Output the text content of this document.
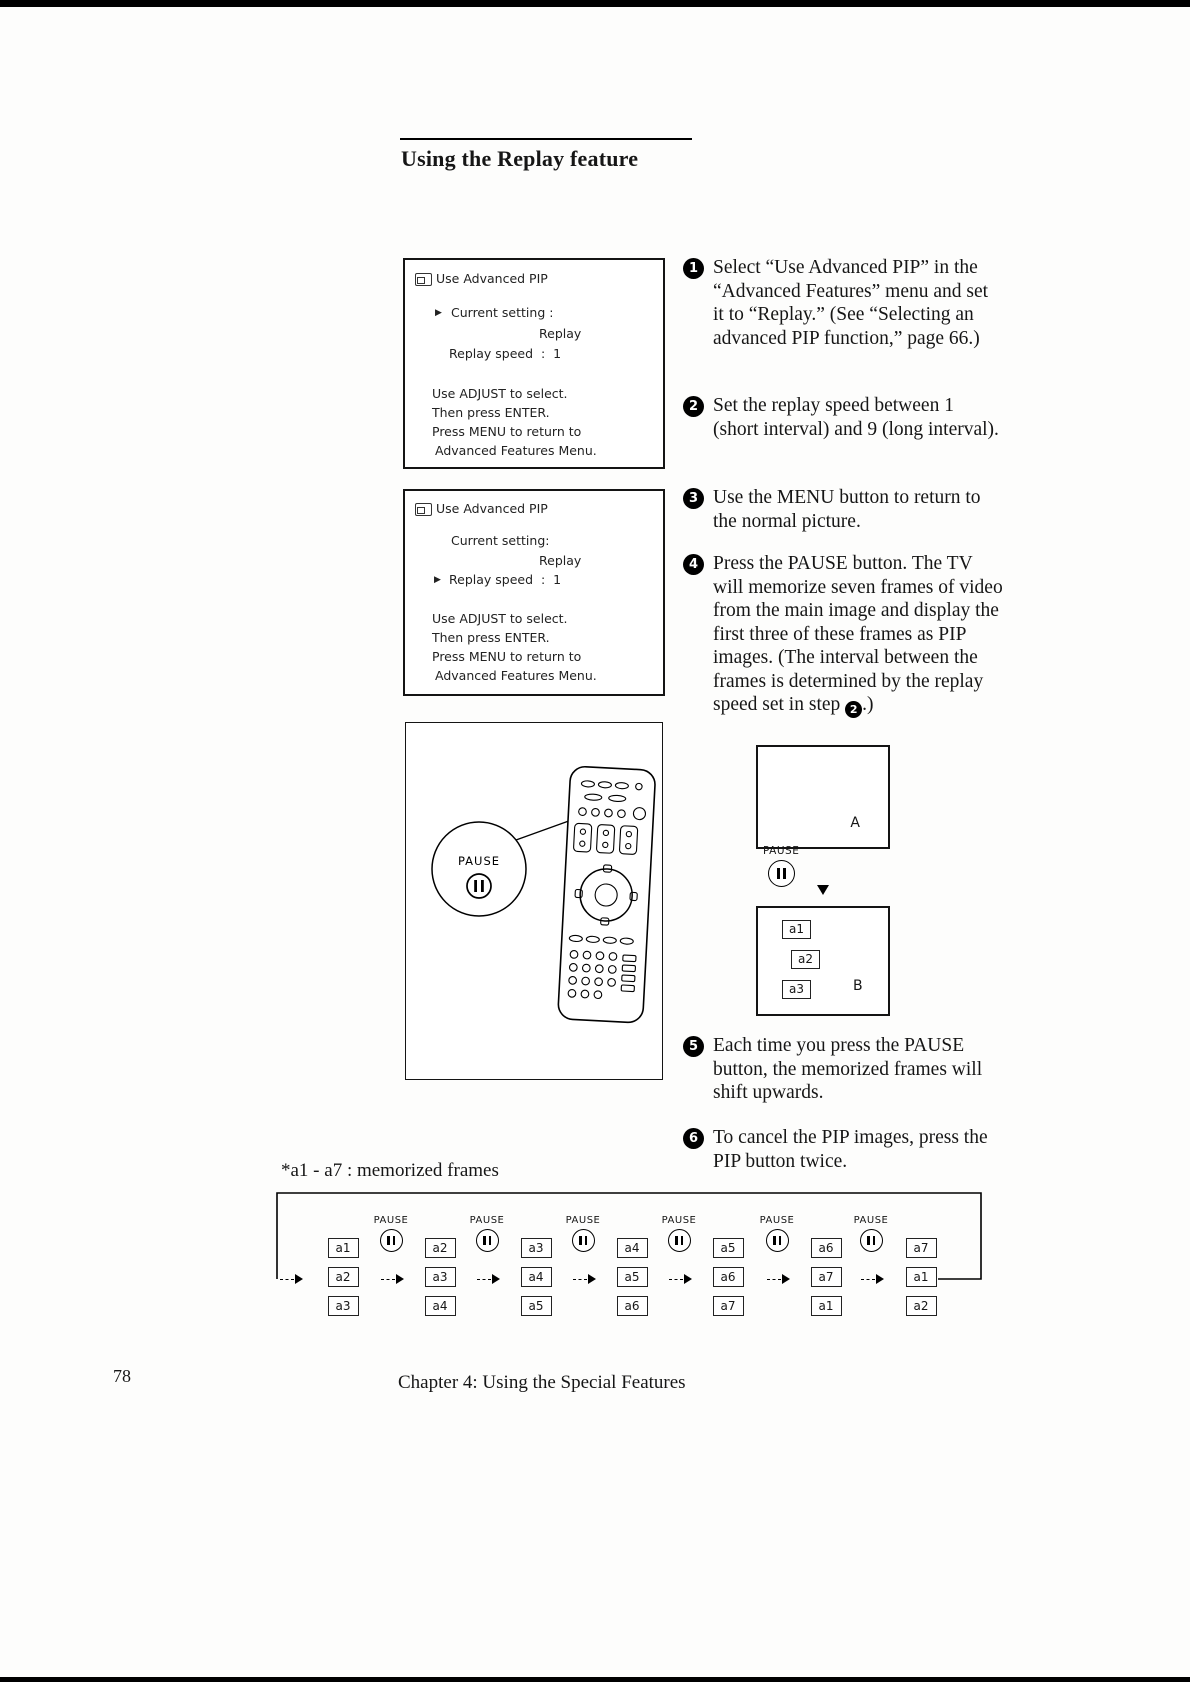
Using the Replay feature
Use Advanced PIP
▶ Current setting :
Replay
Replay speed  :  1
Use ADJUST to select.
Then press ENTER.
Press MENU to return to
Advanced Features Menu.
Use Advanced PIP
Current setting:
Replay
▶ Replay speed  :  1
Use ADJUST to select.
Then press ENTER.
Press MENU to return to
Advanced Features Menu.
PAUSE
1 Select “Use Advanced PIP” in the “Advanced Features” menu and set it to “Replay.” (See “Selecting an advanced PIP function,” page 66.)
2 Set the replay speed between 1 (short interval) and 9 (long interval).
3 Use the MENU button to return to the normal picture.
4 Press the PAUSE button. The TV will memorize seven frames of video from the main image and display the first three of these frames as PIP images. (The interval between the frames is determined by the replay speed set in step 2 .)
5 Each time you press the PAUSE button, the memorized frames will shift upwards.
6 To cancel the PIP images, press the PIP button twice.
A
PAUSE
a1
a2
a3	B
*a1 - a7 : memorized frames
a1
a2
a3
a2
a3
a4
a3
a4
a5
a4
a5
a6
a5
a6
a7
a6
a7
a1
a7
a1
a2
PAUSE	PAUSE	PAUSE	PAUSE	PAUSE	PAUSE
78	Chapter 4: Using the Special Features
